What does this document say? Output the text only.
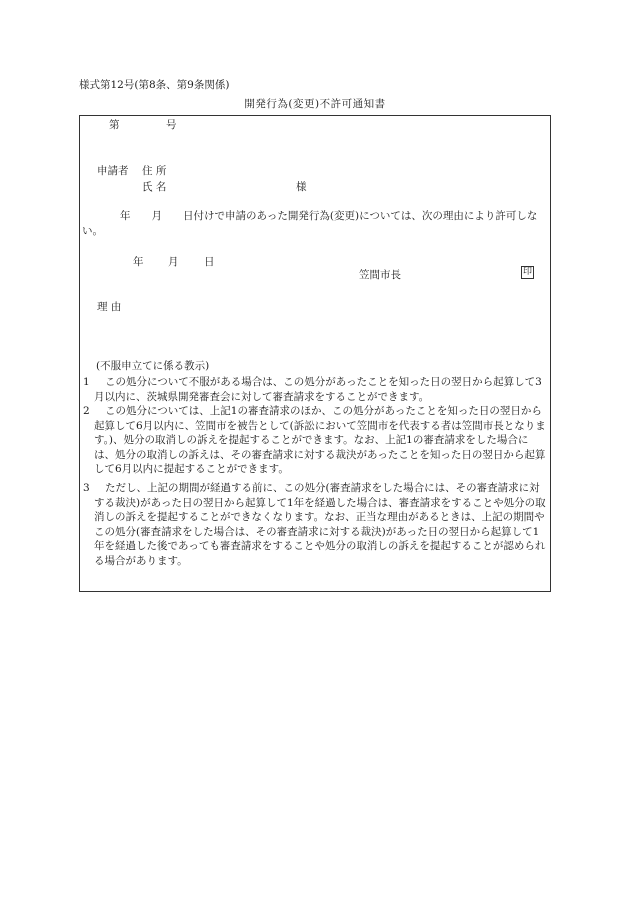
様式第12号(第8条、第9条関係)
開発行為(変更)不許可通知書
第	号
申請者 住 所
氏 名	様
年　　月　　日付けで申請のあった開発行為(変更)については、次の理由により許可しない。
年 月 日
笠間市長	印
理 由
(不服申立てに係る教示)
1	この処分について不服がある場合は、この処分があったことを知った日の翌日から起算して3月以内に、茨城県開発審査会に対して審査請求をすることができます。
2	この処分については、上記1の審査請求のほか、この処分があったことを知った日の翌日から起算して6月以内に、笠間市を被告として(訴訟において笠間市を代表する者は笠間市長となります。)、処分の取消しの訴えを提起することができます。なお、上記1の審査請求をした場合には、処分の取消しの訴えは、その審査請求に対する裁決があったことを知った日の翌日から起算して6月以内に提起することができます。
3	ただし、上記の期間が経過する前に、この処分(審査請求をした場合には、その審査請求に対する裁決)があった日の翌日から起算して1年を経過した場合は、審査請求をすることや処分の取消しの訴えを提起することができなくなります。なお、正当な理由があるときは、上記の期間やこの処分(審査請求をした場合は、その審査請求に対する裁決)があった日の翌日から起算して1年を経過した後であっても審査請求をすることや処分の取消しの訴えを提起することが認められる場合があります。
